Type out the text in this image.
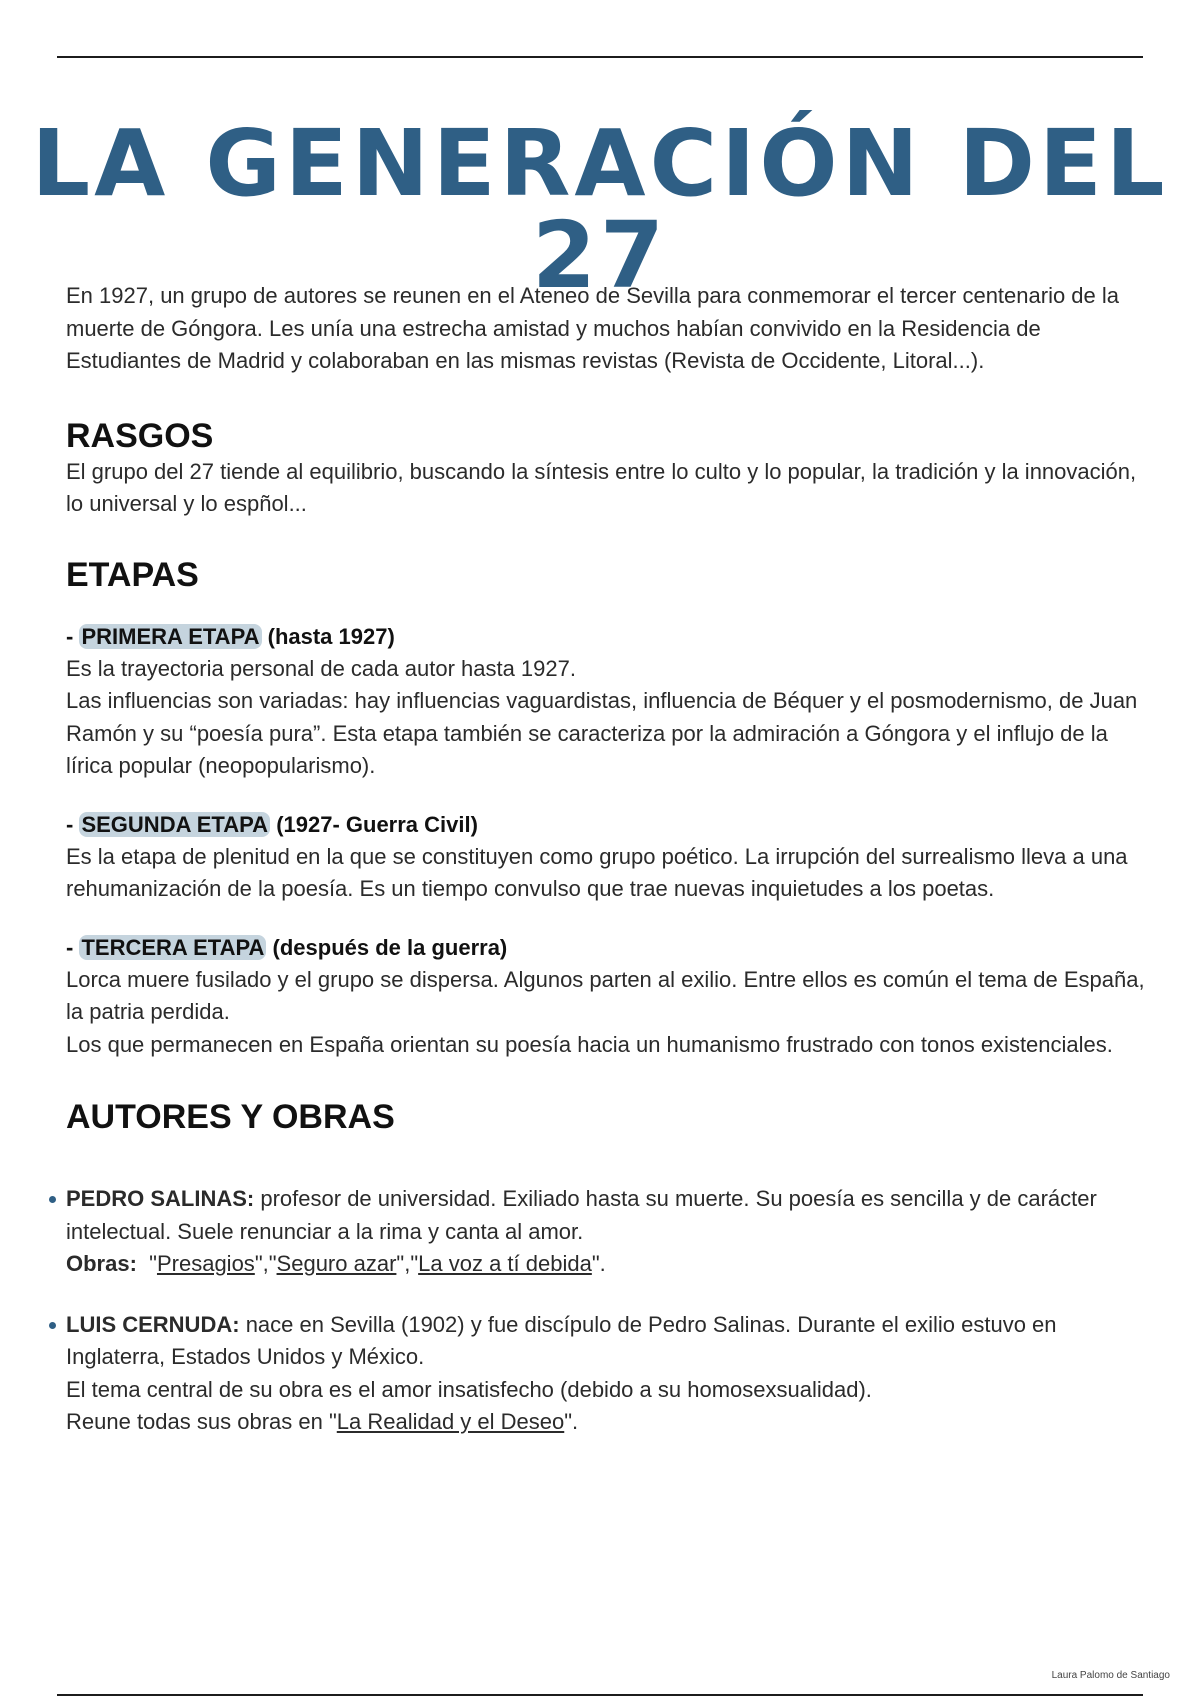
LA GENERACIÓN DEL 27

En 1927, un grupo de autores se reunen en el Ateneo de Sevilla para conmemorar el tercer centenario de la muerte de Góngora. Les unía una estrecha amistad y muchos habían convivido en la Residencia de Estudiantes de Madrid y colaboraban en las mismas revistas (Revista de Occidente, Litoral...).

RASGOS

El grupo del 27 tiende al equilibrio, buscando la síntesis entre lo culto y lo popular, la tradición y la innovación, lo universal y lo espñol...

ETAPAS
- PRIMERA ETAPA (hasta 1927)

Es la trayectoria personal de cada autor hasta 1927.

Las influencias son variadas: hay influencias vaguardistas, influencia de Béquer y el posmodernismo, de Juan Ramón y su “poesía pura”. Esta etapa también se caracteriza por la admiración a Góngora y el influjo de la lírica popular (neopopularismo).

- SEGUNDA ETAPA (1927- Guerra Civil)

Es la etapa de plenitud en la que se constituyen como grupo poético. La irrupción del surrealismo lleva a una rehumanización de la poesía. Es un tiempo convulso que trae nuevas inquietudes a los poetas.

- TERCERA ETAPA (después de la guerra)

Lorca muere fusilado y el grupo se dispersa. Algunos parten al exilio. Entre ellos es común el tema de España, la patria perdida.

Los que permanecen en España orientan su poesía hacia un humanismo frustrado con tonos existenciales.

AUTORES Y OBRAS

PEDRO SALINAS: profesor de universidad. Exiliado hasta su muerte. Su poesía es sencilla y de carácter intelectual. Suele renunciar a la rima y canta al amor.

Obras:  "Presagios","Seguro azar","La voz a tí debida".

LUIS CERNUDA: nace en Sevilla (1902) y fue discípulo de Pedro Salinas. Durante el exilio estuvo en Inglaterra, Estados Unidos y México.

El tema central de su obra es el amor insatisfecho (debido a su homosexsualidad).

Reune todas sus obras en "La Realidad y el Deseo".

Laura Palomo de Santiago
